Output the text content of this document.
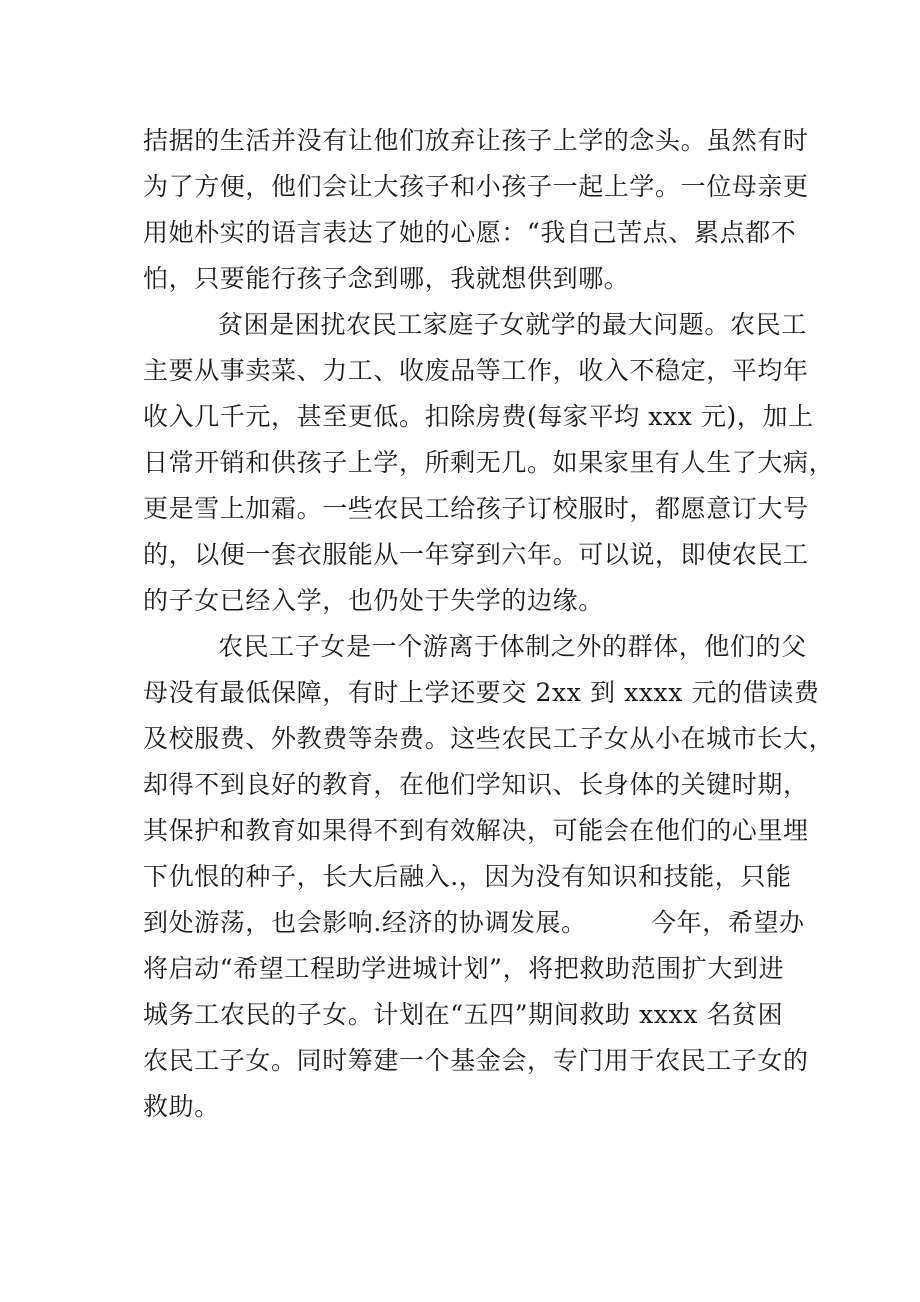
拮据的生活并没有让他们放弃让孩子上学的念头。虽然有时
为了方便，他们会让大孩子和小孩子一起上学。一位母亲更
用她朴实的语言表达了她的心愿：“我自己苦点、累点都不
怕，只要能行孩子念到哪，我就想供到哪。
贫困是困扰农民工家庭子女就学的最大问题。农民工
主要从事卖菜、力工、收废品等工作，收入不稳定，平均年
收入几千元，甚至更低。扣除房费(每家平均 xxx 元)，加上
日常开销和供孩子上学，所剩无几。如果家里有人生了大病，
更是雪上加霜。一些农民工给孩子订校服时，都愿意订大号
的，以便一套衣服能从一年穿到六年。可以说，即使农民工
的子女已经入学，也仍处于失学的边缘。
农民工子女是一个游离于体制之外的群体，他们的父
母没有最低保障，有时上学还要交 2xx 到 xxxx 元的借读费
及校服费、外教费等杂费。这些农民工子女从小在城市长大，
却得不到良好的教育，在他们学知识、长身体的关键时期，
其保护和教育如果得不到有效解决，可能会在他们的心里埋
下仇恨的种子，长大后融入.，因为没有知识和技能，只能
到处游荡，也会影响.经济的协调发展。　　　今年，希望办
将启动“希望工程助学进城计划”，将把救助范围扩大到进
城务工农民的子女。计划在“五四”期间救助 xxxx 名贫困
农民工子女。同时筹建一个基金会，专门用于农民工子女的
救助。
